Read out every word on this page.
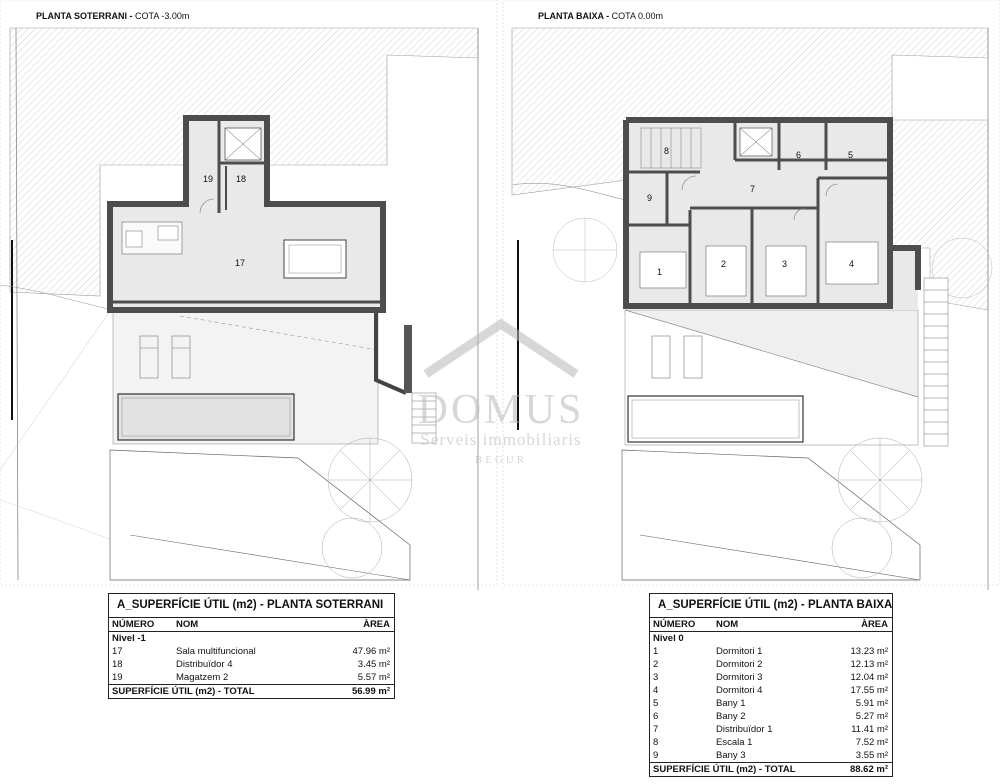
PLANTA SOTERRANI - COTA -3.00m	PLANTA BAIXA - COTA 0.00m
19	18
17
8	6	5
9
7
1
2	3	4
DOMUS
Serveis immobiliaris
BEGUR
A_SUPERFÍCIE ÚTIL (m2) - PLANTA SOTERRANI
NÚMERO	NOM	ÀREA
Nivel -1
17	Sala multifuncional	47.96 m²
18	Distribuïdor 4	3.45 m²
19	Magatzem 2	5.57 m²
SUPERFÍCIE ÚTIL (m2) - TOTAL	56.99 m²
A_SUPERFÍCIE ÚTIL (m2) - PLANTA BAIXA
NÚMERO	NOM	ÀREA
Nivel 0
1	Dormitori 1	13.23 m²
2	Dormitori 2	12.13 m²
3	Dormitori 3	12.04 m²
4	Dormitori 4	17.55 m²
5	Bany 1	5.91 m²
6	Bany 2	5.27 m²
7	Distribuïdor 1	11.41 m²
8	Escala 1	7.52 m²
9	Bany 3	3.55 m²
SUPERFÍCIE ÚTIL (m2) - TOTAL	88.62 m²
